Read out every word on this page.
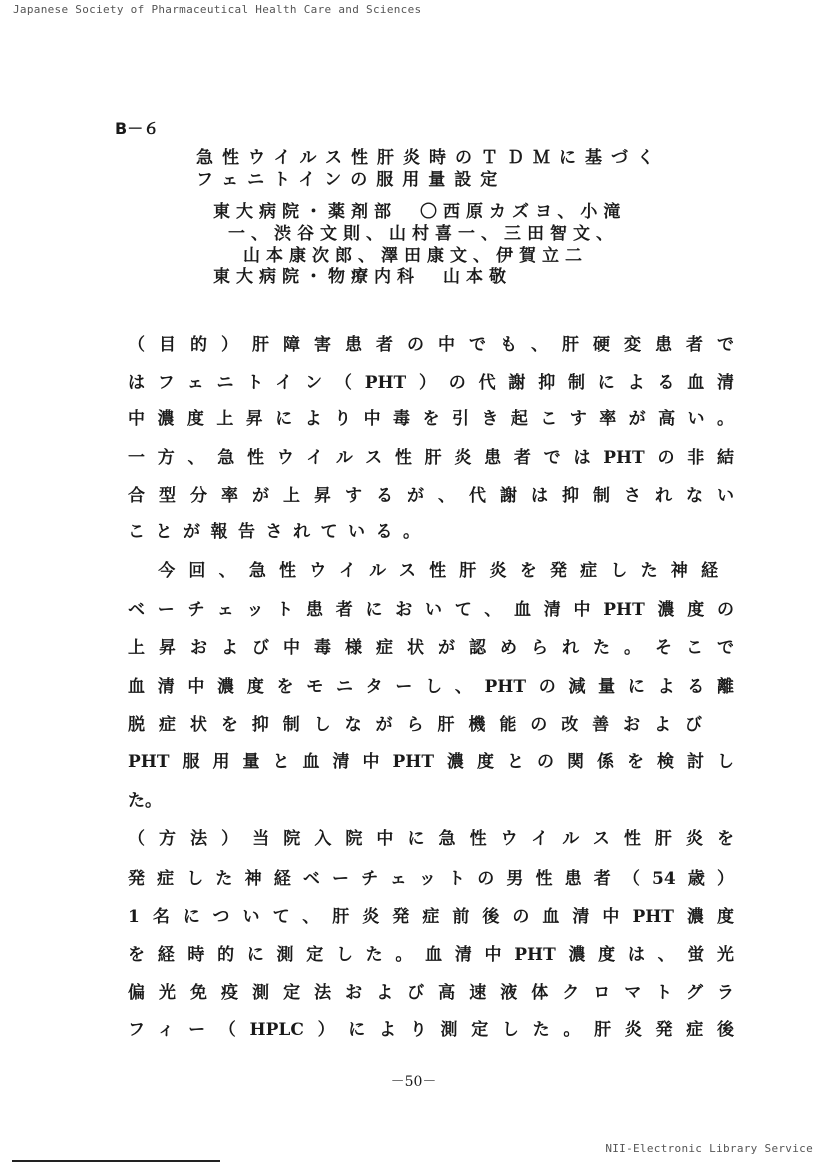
Japanese Society of Pharmaceutical Health Care and Sciences
B－６
急性ウイルス性肝炎時のＴＤＭに基づく
フェニトインの服用量設定
東大病院・薬剤部　〇西原カズヨ、小滝
一、渋谷文則、山村喜一、三田智文、
山本康次郎、澤田康文、伊賀立二
東大病院・物療内科　山本敬
（目的）肝障害患者の中でも、肝硬変患者で
はフェニトイン（PHT）の代謝抑制による血清
中濃度上昇により中毒を引き起こす率が高い。
一方、急性ウイルス性肝炎患者ではPHTの非結
合型分率が上昇するが、代謝は抑制されない
ことが報告されている。
　今回、急性ウイルス性肝炎を発症した神経
ベーチェット患者において、血清中PHT濃度の
上昇および中毒様症状が認められた。そこで
血清中濃度をモニターし、PHTの減量による離
脱症状を抑制しながら肝機能の改善および
PHT服用量と血清中PHT濃度との関係を検討し
た。
（方法）当院入院中に急性ウイルス性肝炎を
発症した神経ベーチェットの男性患者（54歳）
1名について、肝炎発症前後の血清中PHT濃度
を経時的に測定した。血清中PHT濃度は、蛍光
偏光免疫測定法および高速液体クロマトグラ
フィー（HPLC）により測定した。肝炎発症後
－50－
NII-Electronic Library Service
